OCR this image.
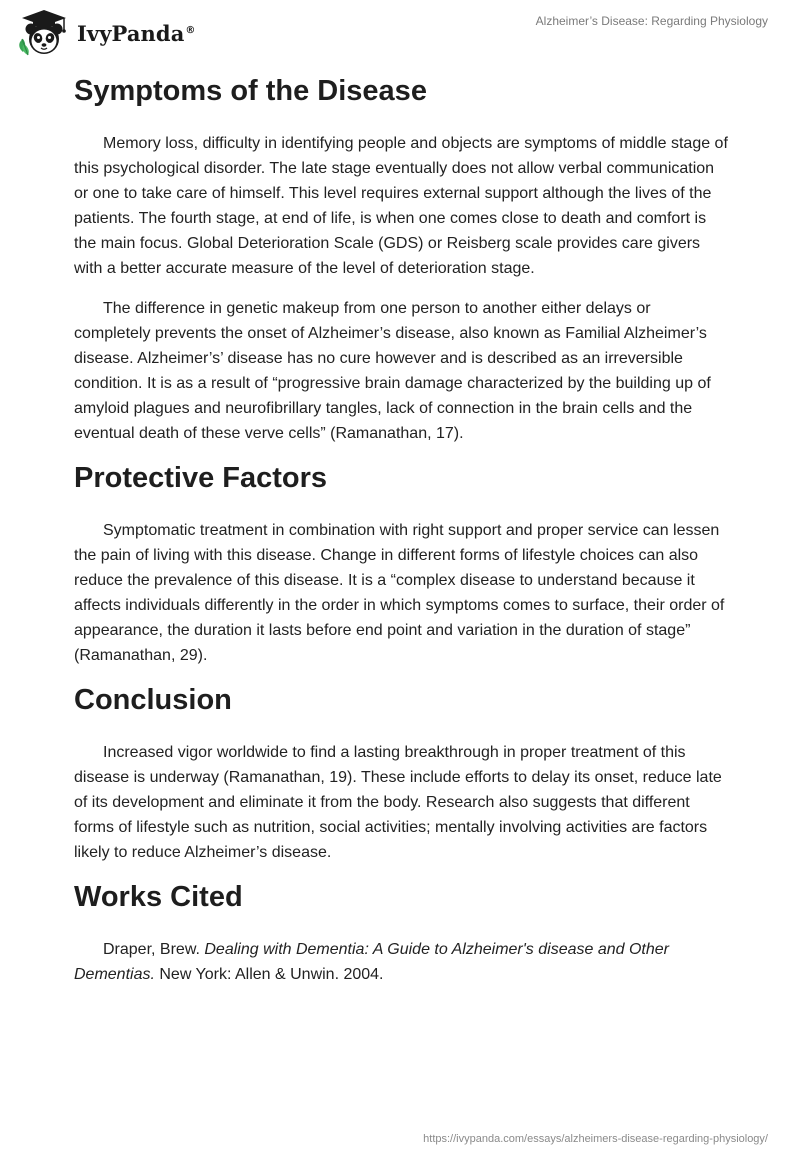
IvyPanda®
Alzheimer’s Disease: Regarding Physiology
Symptoms of the Disease

Memory loss, difficulty in identifying people and objects are symptoms of middle stage of this psychological disorder. The late stage eventually does not allow verbal communication or one to take care of himself. This level requires external support although the lives of the patients. The fourth stage, at end of life, is when one comes close to death and comfort is the main focus. Global Deterioration Scale (GDS) or Reisberg scale provides care givers with a better accurate measure of the level of deterioration stage.

The difference in genetic makeup from one person to another either delays or completely prevents the onset of Alzheimer’s disease, also known as Familial Alzheimer’s disease. Alzheimer’s’ disease has no cure however and is described as an irreversible condition. It is as a result of “progressive brain damage characterized by the building up of amyloid plagues and neurofibrillary tangles, lack of connection in the brain cells and the eventual death of these verve cells” (Ramanathan, 17).

Protective Factors

Symptomatic treatment in combination with right support and proper service can lessen the pain of living with this disease. Change in different forms of lifestyle choices can also reduce the prevalence of this disease. It is a “complex disease to understand because it affects individuals differently in the order in which symptoms comes to surface, their order of appearance, the duration it lasts before end point and variation in the duration of stage” (Ramanathan, 29).

Conclusion

Increased vigor worldwide to find a lasting breakthrough in proper treatment of this disease is underway (Ramanathan, 19). These include efforts to delay its onset, reduce late of its development and eliminate it from the body. Research also suggests that different forms of lifestyle such as nutrition, social activities; mentally involving activities are factors likely to reduce Alzheimer’s disease.

Works Cited

Draper, Brew. Dealing with Dementia: A Guide to Alzheimer's disease and Other Dementias. New York: Allen & Unwin. 2004.

https://ivypanda.com/essays/alzheimers-disease-regarding-physiology/
